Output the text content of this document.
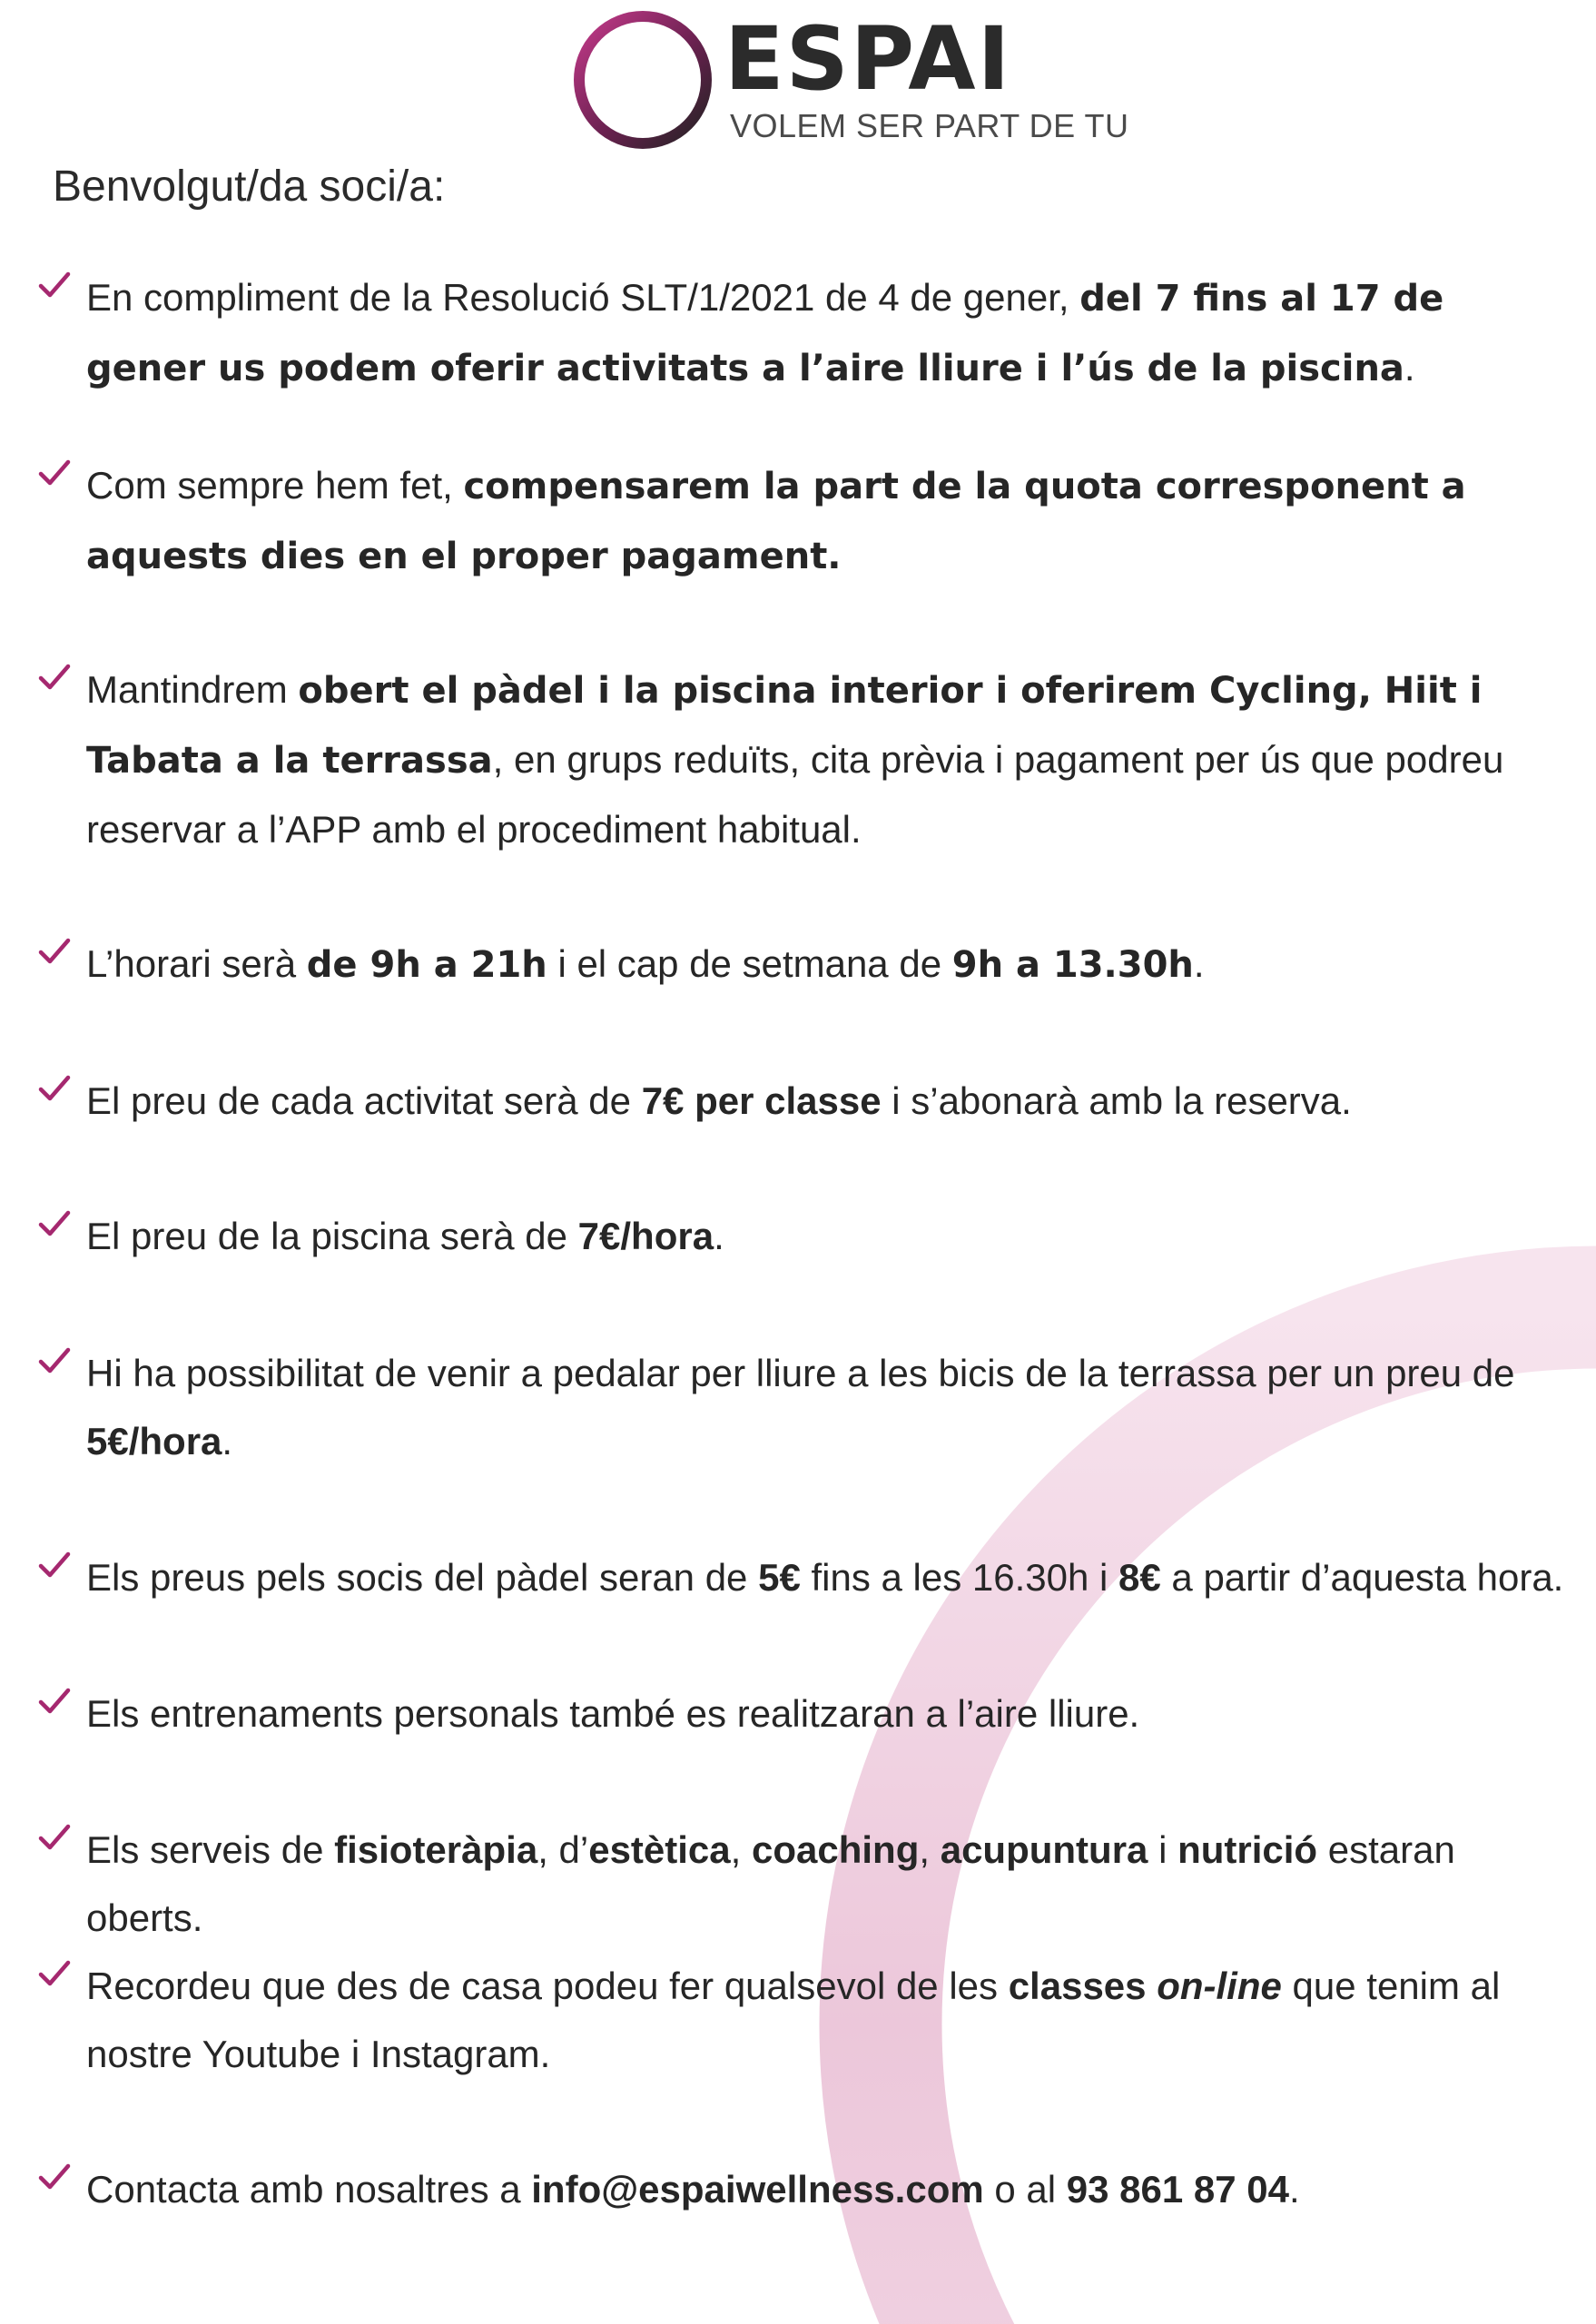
ESPAI
VOLEM SER PART DE TU

Benvolgut/da soci/a:

En compliment de la Resolució SLT/1/2021 de 4 de gener, del 7 fins al 17 de gener us podem oferir activitats a l’aire lliure i l’ús de la piscina.
Com sempre hem fet, compensarem la part de la quota corresponent a aquests dies en el proper pagament.
Mantindrem obert el pàdel i la piscina interior i oferirem Cycling, Hiit i Tabata a la terrassa, en grups reduïts, cita prèvia i pagament per ús que podreu reservar a l’APP amb el procediment habitual.
L’horari serà de 9h a 21h i el cap de setmana de 9h a 13.30h.
El preu de cada activitat serà de 7€ per classe i s’abonarà amb la reserva.
El preu de la piscina serà de 7€/hora.
Hi ha possibilitat de venir a pedalar per lliure a les bicis de la terrassa per un preu de 5€/hora.
Els preus pels socis del pàdel seran de 5€ fins a les 16.30h i 8€ a partir d’aquesta hora.
Els entrenaments personals també es realitzaran a l’aire lliure.
Els serveis de fisioteràpia, d’estètica, coaching, acupuntura i nutrició estaran oberts.
Recordeu que des de casa podeu fer qualsevol de les classes on-line que tenim al nostre Youtube i Instagram.
Contacta amb nosaltres a info@espaiwellness.com o al 93 861 87 04.
